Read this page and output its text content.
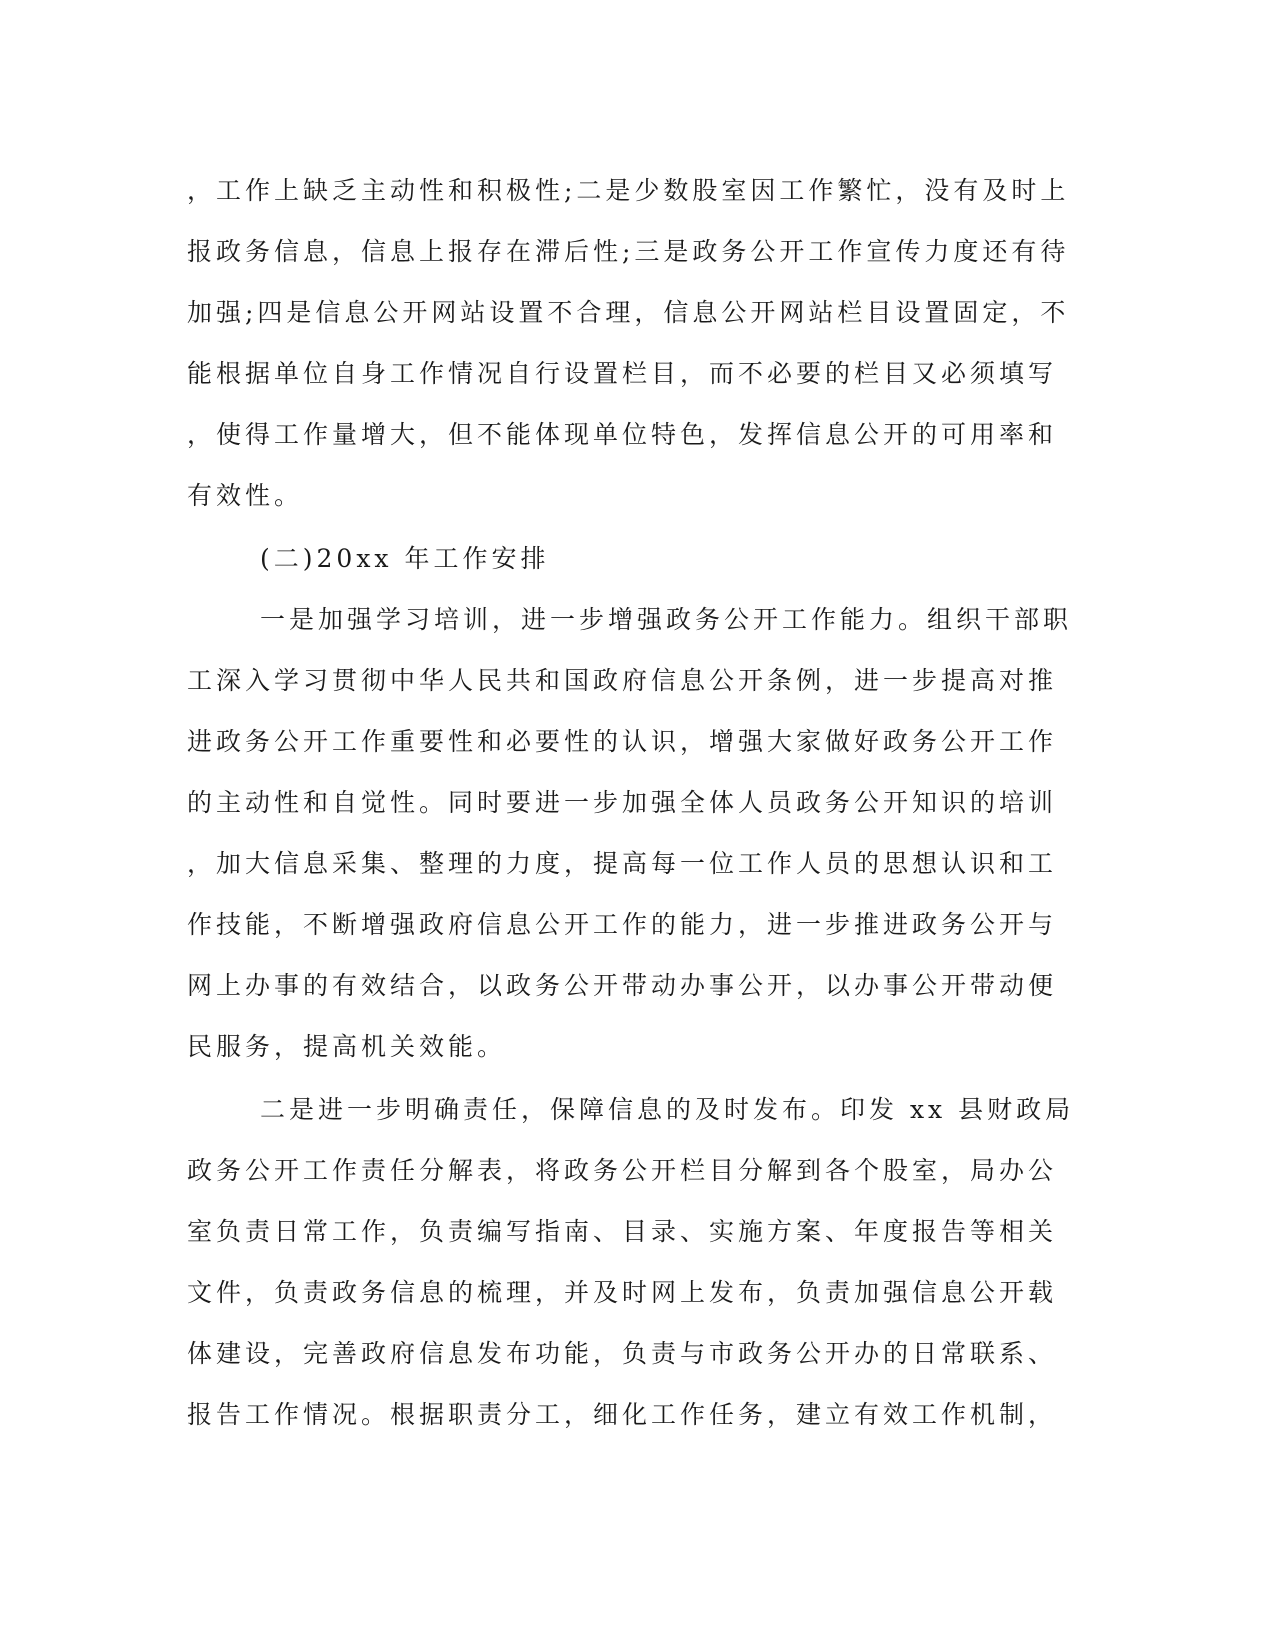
，工作上缺乏主动性和积极性;二是少数股室因工作繁忙，没有及时上
报政务信息，信息上报存在滞后性;三是政务公开工作宣传力度还有待
加强;四是信息公开网站设置不合理，信息公开网站栏目设置固定，不
能根据单位自身工作情况自行设置栏目，而不必要的栏目又必须填写
，使得工作量增大，但不能体现单位特色，发挥信息公开的可用率和
有效性。
(二)20xx 年工作安排
一是加强学习培训，进一步增强政务公开工作能力。组织干部职
工深入学习贯彻中华人民共和国政府信息公开条例，进一步提高对推
进政务公开工作重要性和必要性的认识，增强大家做好政务公开工作
的主动性和自觉性。同时要进一步加强全体人员政务公开知识的培训
，加大信息采集、整理的力度，提高每一位工作人员的思想认识和工
作技能，不断增强政府信息公开工作的能力，进一步推进政务公开与
网上办事的有效结合，以政务公开带动办事公开，以办事公开带动便
民服务，提高机关效能。
二是进一步明确责任，保障信息的及时发布。印发 xx 县财政局
政务公开工作责任分解表，将政务公开栏目分解到各个股室，局办公
室负责日常工作，负责编写指南、目录、实施方案、年度报告等相关
文件，负责政务信息的梳理，并及时网上发布，负责加强信息公开载
体建设，完善政府信息发布功能，负责与市政务公开办的日常联系、
报告工作情况。根据职责分工，细化工作任务，建立有效工作机制，
